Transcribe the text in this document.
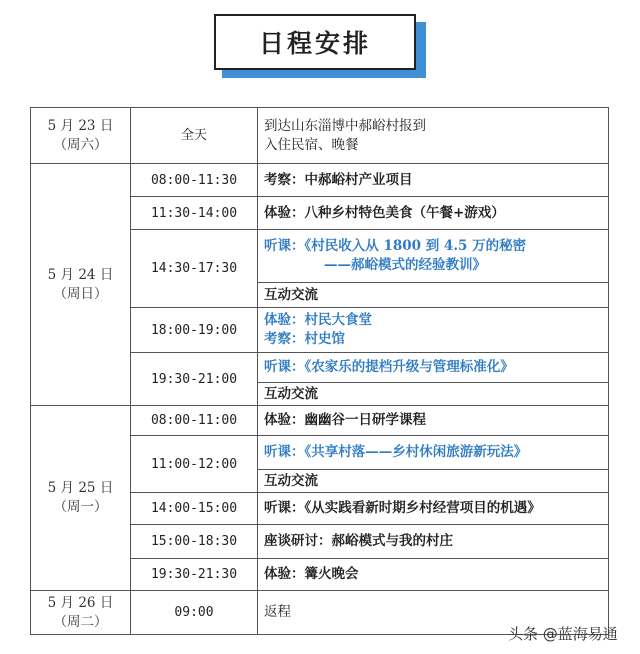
日程安排
5 月 23 日
（周六）	全天	到达山东淄博中郝峪村报到
入住民宿、晚餐

5 月 24 日
（周日）	08:00-11:30	考察：中郝峪村产业项目
	11:30-14:00	体验：八种乡村特色美食（午餐+游戏）
	14:30-17:30	听课：《村民收入从 1800 到 4.5 万的秘密
——郝峪模式的经验教训》
互动交流

	18:00-19:00	体验：村民大食堂
考察：村史馆

	19:30-21:00	听课：《农家乐的提档升级与管理标准化》
互动交流

5 月 25 日
（周一）	08:00-11:00	体验：幽幽谷一日研学课程
	11:00-12:00	听课：《共享村落——乡村休闲旅游新玩法》
互动交流

	14:00-15:00	听课：《从实践看新时期乡村经营项目的机遇》
	15:00-18:30	座谈研讨：郝峪模式与我的村庄
	19:30-21:30	体验：篝火晚会

5 月 26 日
（周二）	09:00	返程
头条 @蓝海易通
